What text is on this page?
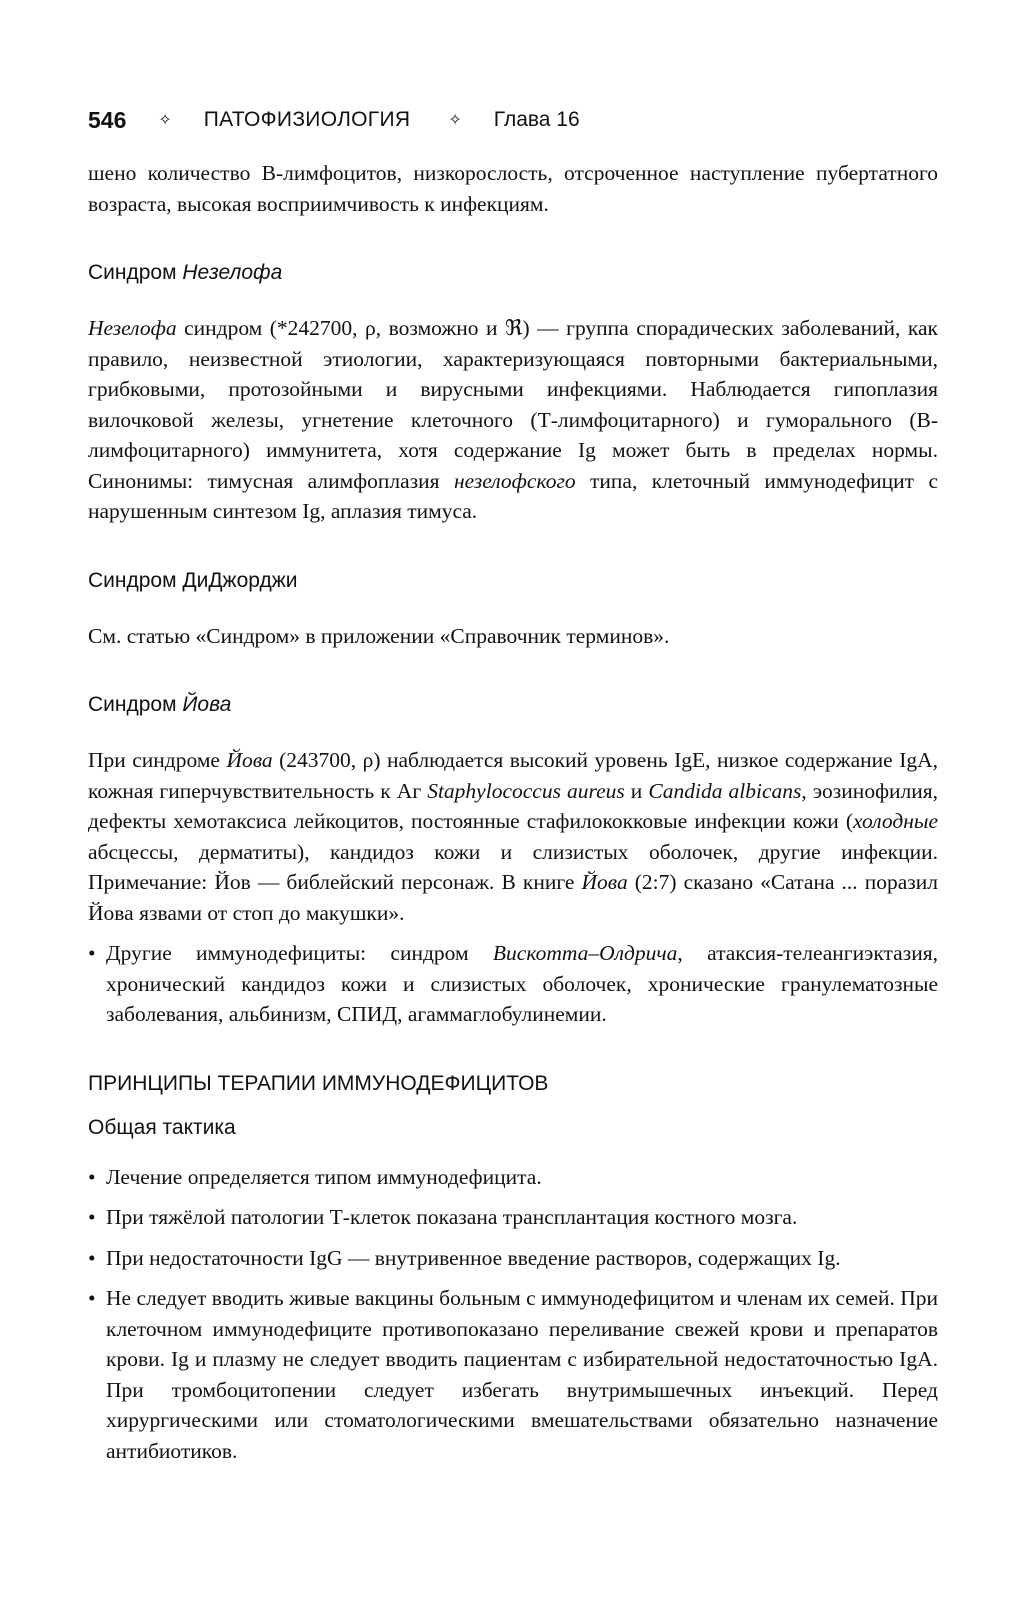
546 ✧ ПАТОФИЗИОЛОГИЯ ✧ Глава 16

шено количество В-лимфоцитов, низкорослость, отсроченное наступление пубертатного возраста, высокая восприимчивость к инфекциям.

Синдром Незелофа

Незелофа синдром (*242700, ρ, возможно и ℜ) — группа спорадических заболеваний, как правило, неизвестной этиологии, характеризующаяся повторными бактериальными, грибковыми, протозойными и вирусными инфекциями. Наблюдается гипоплазия вилочковой железы, угнетение клеточного (Т-лимфоцитарного) и гуморального (В-лимфоцитарного) иммунитета, хотя содержание Ig может быть в пределах нормы. Синонимы: тимусная алимфоплазия незелофского типа, клеточный иммунодефицит с нарушенным синтезом Ig, аплазия тимуса.

Синдром ДиДжорджи

См. статью «Синдром» в приложении «Справочник терминов».

Синдром Йова

При синдроме Йова (243700, ρ) наблюдается высокий уровень IgE, низкое содержание IgA, кожная гиперчувствительность к Аг Staphylococcus aureus и Candida albicans, эозинофилия, дефекты хемотаксиса лейкоцитов, постоянные стафилококковые инфекции кожи (холодные абсцессы, дерматиты), кандидоз кожи и слизистых оболочек, другие инфекции. Примечание: Йов — библейский персонаж. В книге Йова (2:7) сказано «Сатана ... поразил Йова язвами от стоп до макушки».

• Другие иммунодефициты: синдром Вискотта–Олдрича, атаксия-телеангиэктазия, хронический кандидоз кожи и слизистых оболочек, хронические гранулематозные заболевания, альбинизм, СПИД, агаммаглобулинемии.

ПРИНЦИПЫ ТЕРАПИИ ИММУНОДЕФИЦИТОВ
Общая тактика
• Лечение определяется типом иммунодефицита.

• При тяжёлой патологии Т-клеток показана трансплантация костного мозга.

• При недостаточности IgG — внутривенное введение растворов, содержащих Ig.

• Не следует вводить живые вакцины больным с иммунодефицитом и членам их семей. При клеточном иммунодефиците противопоказано переливание свежей крови и препаратов крови. Ig и плазму не следует вводить пациентам с избирательной недостаточностью IgA. При тромбоцитопении следует избегать внутримышечных инъекций. Перед хирургическими или стоматологическими вмешательствами обязательно назначение антибиотиков.
